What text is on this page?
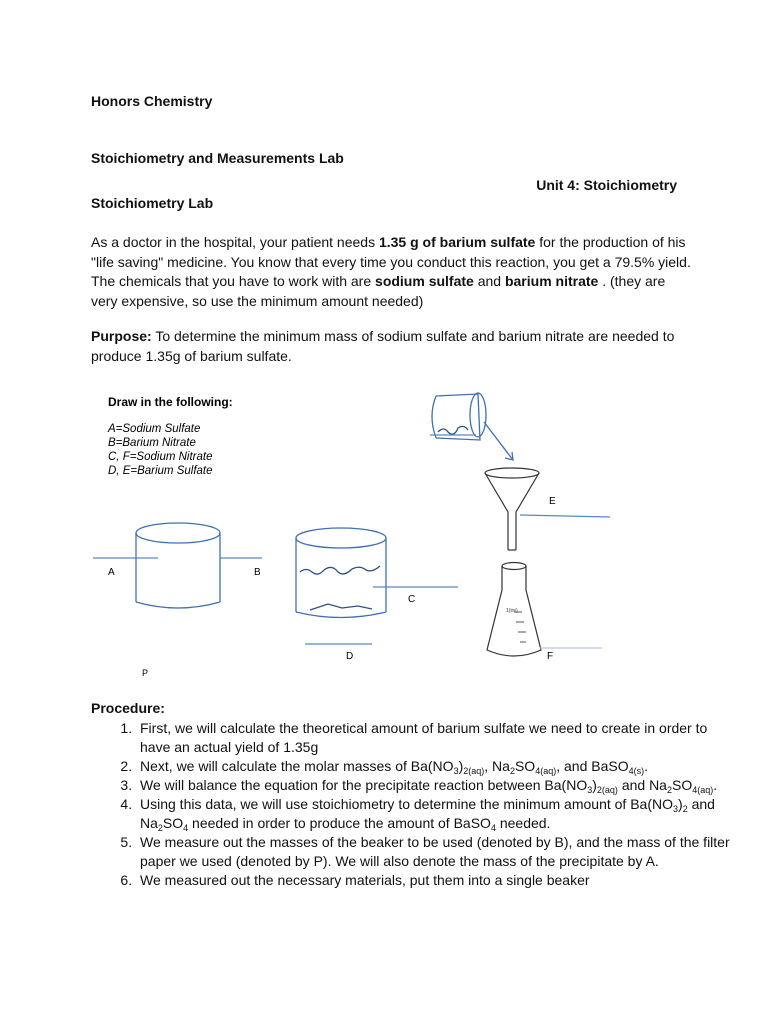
Honors Chemistry
Stoichiometry and Measurements Lab
Unit 4: Stoichiometry
Stoichiometry Lab

As a doctor in the hospital, your patient needs 1.35 g of barium sulfate for the production of his "life saving" medicine. You know that every time you conduct this reaction, you get a 79.5% yield. The chemicals that you have to work with are sodium sulfate and barium nitrate . (they are very expensive, so use the minimum amount needed)

Purpose: To determine the minimum mass of sodium sulfate and barium nitrate are needed to produce 1.35g of barium sulfate.

Draw in the following:
A=Sodium Sulfate
B=Barium Nitrate
C, F=Sodium Nitrate
D, E=Barium Sulfate
A	B
C
D
E
1(ire)
F
P
Procedure:
1. First, we will calculate the theoretical amount of barium sulfate we need to create in order to have an actual yield of 1.35g
2. Next, we will calculate the molar masses of $Ba(NO_3)_{2(aq)}$, $Na_2SO_{4(aq)}$, and BaSO$_{4(s)}$.
3. We will balance the equation for the precipitate reaction between $Ba(NO_3)_{2(aq)}$ and $Na_2SO_{4(aq)}$.
4. Using this data, we will use stoichiometry to determine the minimum amount of $Ba(NO_3)_2$ and $Na_2SO_4$ needed in order to produce the amount of BaSO$_4$ needed.
5. We measure out the masses of the beaker to be used (denoted by B), and the mass of the filter paper we used (denoted by P). We will also denote the mass of the precipitate by A.
6. We measured out the necessary materials, put them into a single beaker
